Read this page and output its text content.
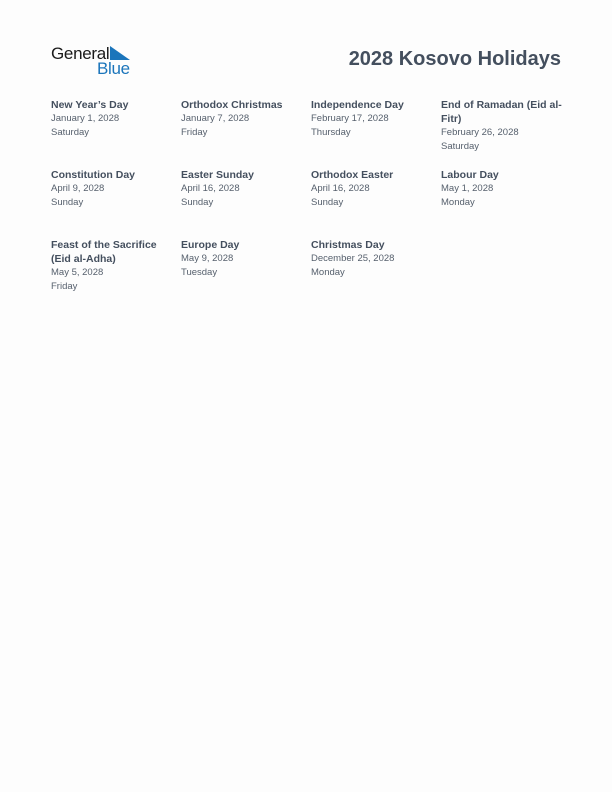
General
Blue	2028 Kosovo Holidays
New Year’s Day
January 1, 2028
Saturday
Orthodox Christmas
January 7, 2028
Friday
Independence Day
February 17, 2028
Thursday
End of Ramadan (Eid al-Fitr)
February 26, 2028
Saturday
Constitution Day
April 9, 2028
Sunday
Easter Sunday
April 16, 2028
Sunday
Orthodox Easter
April 16, 2028
Sunday
Labour Day
May 1, 2028
Monday
Feast of the Sacrifice (Eid al-Adha)
May 5, 2028
Friday
Europe Day
May 9, 2028
Tuesday
Christmas Day
December 25, 2028
Monday
